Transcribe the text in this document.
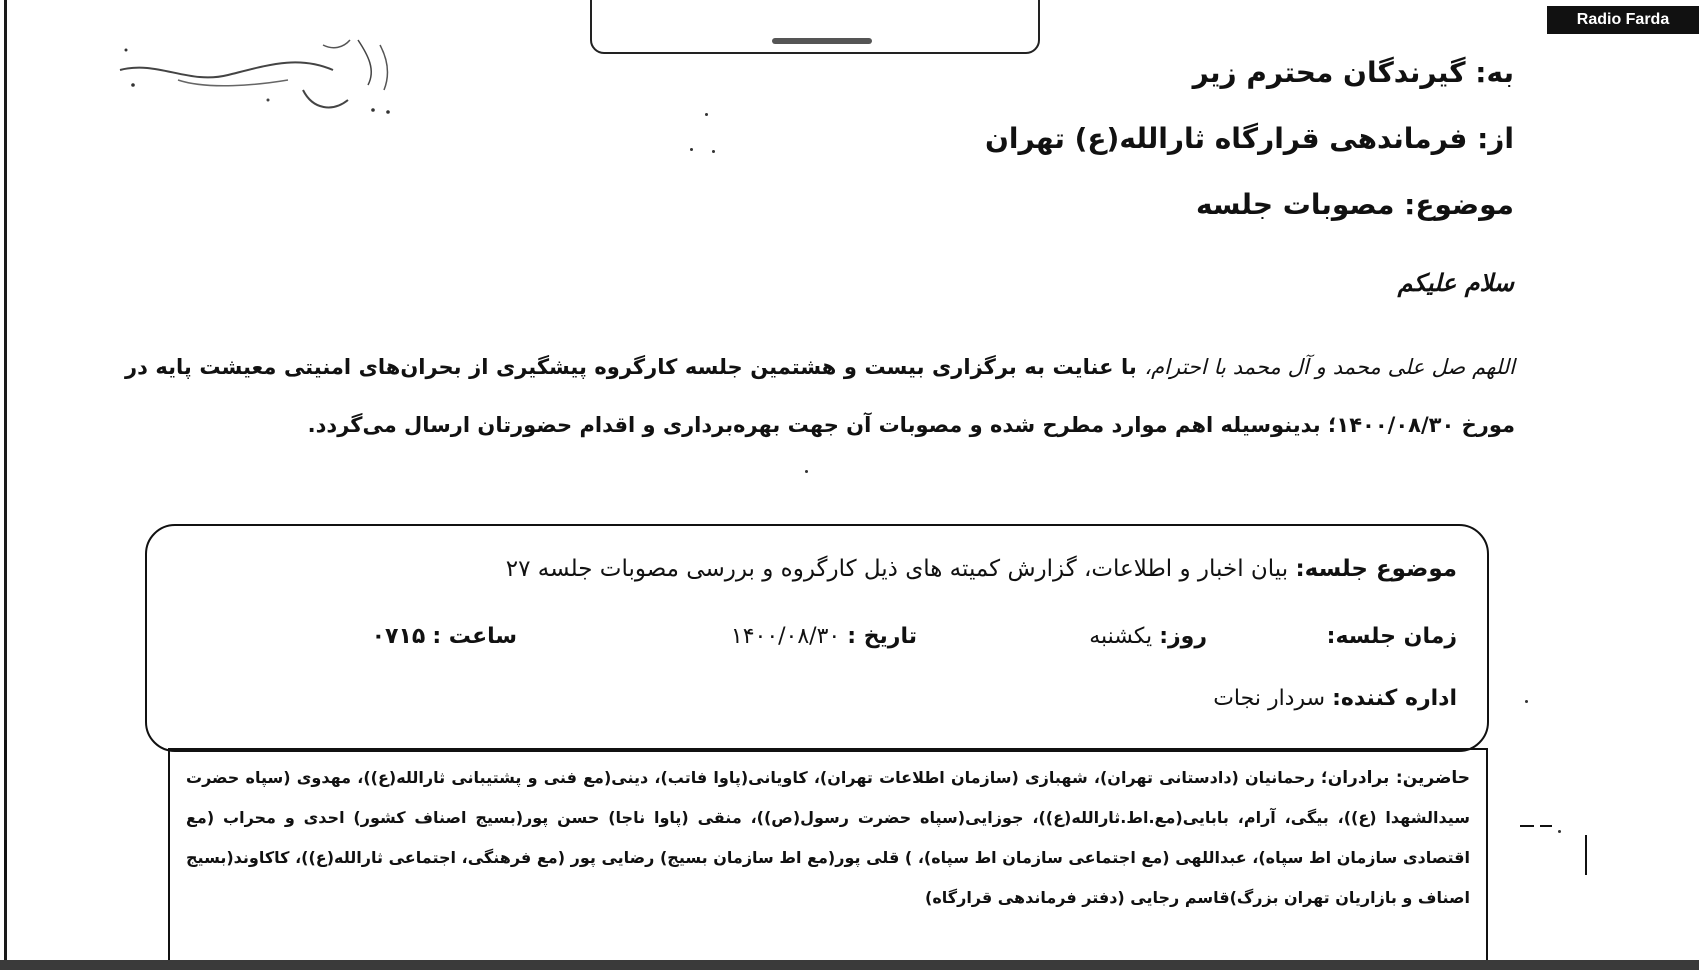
Radio Farda
به: گیرندگان محترم زیر
از: فرماندهی قرارگاه ثارالله(ع) تهران
موضوع: مصوبات جلسه
سلام علیکم
اللهم صل علی محمد و آل محمد با احترام، با عنایت به برگزاری بیست و هشتمین جلسه کارگروه پیشگیری از بحران‌های امنیتی معیشت پایه در مورخ ۱۴۰۰/۰۸/۳۰؛ بدینوسیله اهم موارد مطرح شده و مصوبات آن جهت بهره‌برداری و اقدام حضورتان ارسال می‌گردد.
موضوع جلسه: بیان اخبار و اطلاعات، گزارش کمیته های ذیل کارگروه و بررسی مصوبات جلسه ۲۷
زمان جلسه:
روز: یکشنبه
تاریخ : ۱۴۰۰/۰۸/۳۰
ساعت : ۰۷۱۵
اداره کننده: سردار نجات
حاضرین: برادران؛ رحمانیان (دادستانی تهران)، شهبازی (سازمان اطلاعات تهران)، کاویانی(پاوا فاتب)، دینی(مع فنی و پشتیبانی ثارالله(ع))، مهدوی (سپاه حضرت سیدالشهدا (ع))، بیگی، آرام، بابایی(مع.اط.ثارالله(ع))، جوزایی(سپاه حضرت رسول(ص))، منقی (پاوا ناجا) حسن پور(بسیج اصناف کشور) احدی و محراب (مع اقتصادی سازمان اط سپاه)، عبداللهی (مع اجتماعی سازمان اط سپاه)، ) قلی پور(مع اط سازمان بسیج) رضایی پور (مع فرهنگی، اجتماعی ثارالله(ع))، کاکاوند(بسیج اصناف و بازاریان تهران بزرگ)قاسم رجایی (دفتر فرماندهی قرارگاه)
